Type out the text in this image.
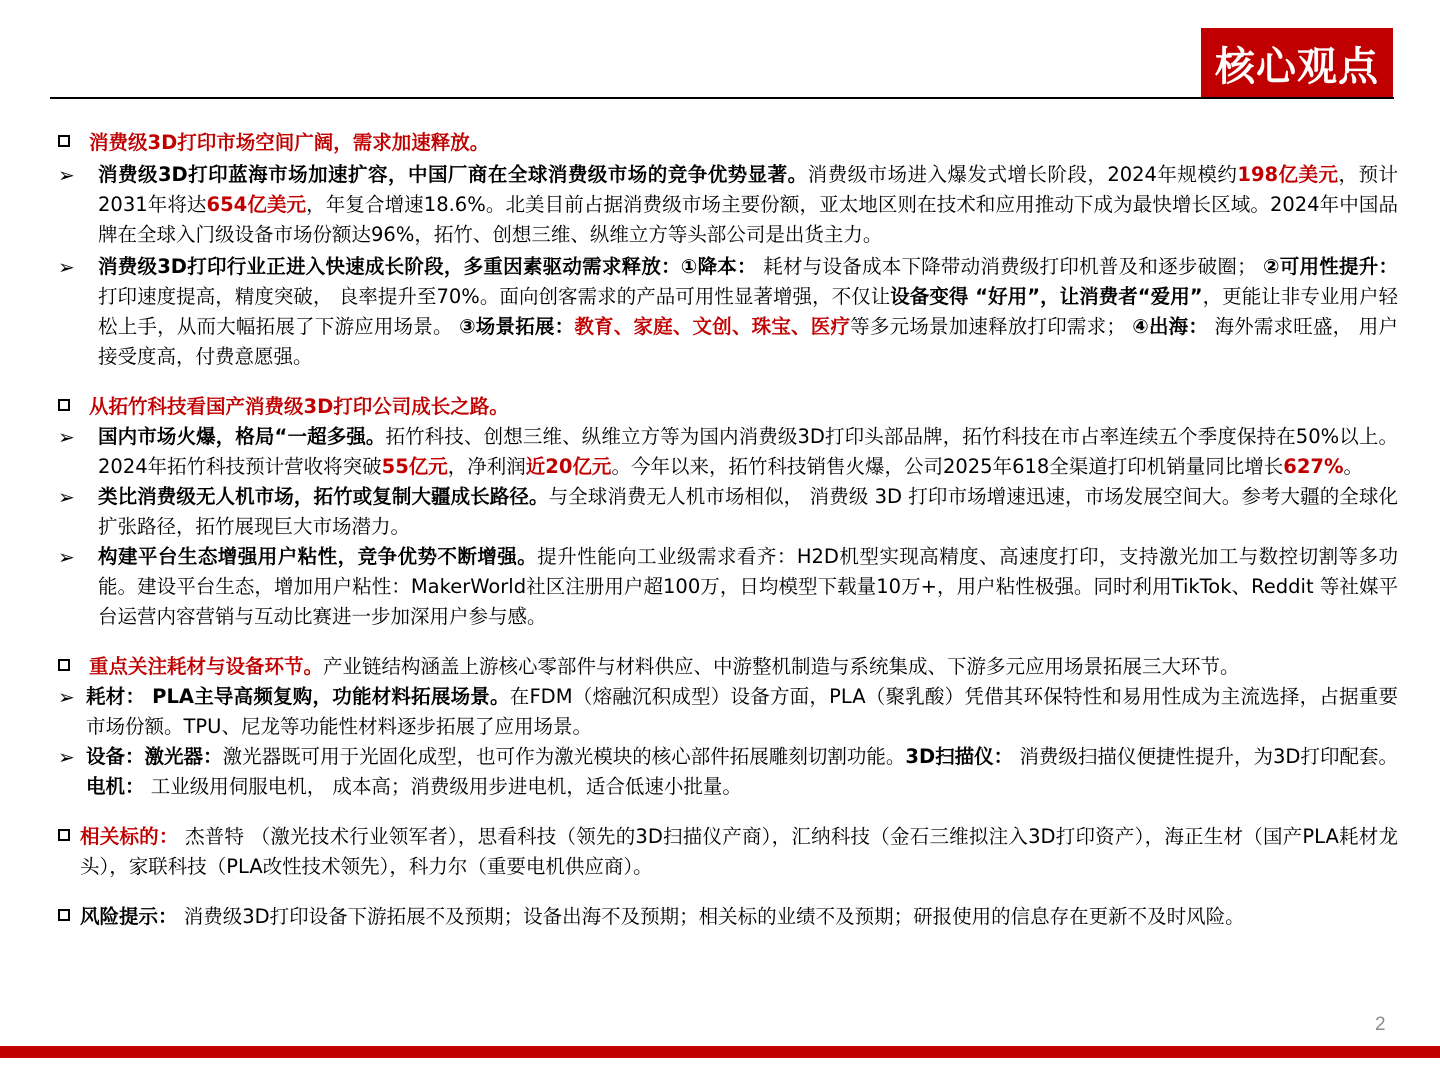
核心观点
消费级3D打印市场空间广阔，需求加速释放。
➢	消费级3D打印蓝海市场加速扩容，中国厂商在全球消费级市场的竞争优势显著。消费级市场进入爆发式增长阶段，2024年规模约198亿美元，预计2031年将达654亿美元，年复合增速18.6%。北美目前占据消费级市场主要份额，亚太地区则在技术和应用推动下成为最快增长区域。2024年中国品牌在全球入门级设备市场份额达96%，拓竹、创想三维、纵维立方等头部公司是出货主力。
➢	消费级3D打印行业正进入快速成长阶段，多重因素驱动需求释放：①降本： 耗材与设备成本下降带动消费级打印机普及和逐步破圈； ②可用性提升：打印速度提高，精度突破， 良率提升至70%。面向创客需求的产品可用性显著增强，不仅让设备变得 “好用”，让消费者“爱用”，更能让非专业用户轻松上手，从而大幅拓展了下游应用场景。 ③场景拓展：教育、家庭、文创、珠宝、医疗等多元场景加速释放打印需求； ④出海： 海外需求旺盛， 用户接受度高，付费意愿强。
从拓竹科技看国产消费级3D打印公司成长之路。
➢	国内市场火爆，格局“一超多强。拓竹科技、创想三维、纵维立方等为国内消费级3D打印头部品牌，拓竹科技在市占率连续五个季度保持在50%以上。2024年拓竹科技预计营收将突破55亿元，净利润近20亿元。今年以来，拓竹科技销售火爆，公司2025年618全渠道打印机销量同比增长627%。
➢	类比消费级无人机市场，拓竹或复制大疆成长路径。与全球消费无人机市场相似， 消费级 3D 打印市场增速迅速，市场发展空间大。参考大疆的全球化扩张路径，拓竹展现巨大市场潜力。
➢	构建平台生态增强用户粘性，竞争优势不断增强。提升性能向工业级需求看齐：H2D机型实现高精度、高速度打印，支持激光加工与数控切割等多功能。建设平台生态，增加用户粘性：MakerWorld社区注册用户超100万，日均模型下载量10万+，用户粘性极强。同时利用TikTok、Reddit 等社媒平台运营内容营销与互动比赛进一步加深用户参与感。
重点关注耗材与设备环节。产业链结构涵盖上游核心零部件与材料供应、中游整机制造与系统集成、下游多元应用场景拓展三大环节。
➢ 耗材： PLA主导高频复购，功能材料拓展场景。在FDM（熔融沉积成型）设备方面，PLA（聚乳酸）凭借其环保特性和易用性成为主流选择，占据重要市场份额。TPU、尼龙等功能性材料逐步拓展了应用场景。
➢ 设备：激光器：激光器既可用于光固化成型，也可作为激光模块的核心部件拓展雕刻切割功能。3D扫描仪： 消费级扫描仪便捷性提升，为3D打印配套。 电机： 工业级用伺服电机， 成本高；消费级用步进电机，适合低速小批量。
相关标的： 杰普特 （激光技术行业领军者），思看科技（领先的3D扫描仪产商），汇纳科技（金石三维拟注入3D打印资产），海正生材（国产PLA耗材龙头），家联科技（PLA改性技术领先），科力尔（重要电机供应商）。
风险提示： 消费级3D打印设备下游拓展不及预期；设备出海不及预期；相关标的业绩不及预期；研报使用的信息存在更新不及时风险。
2
